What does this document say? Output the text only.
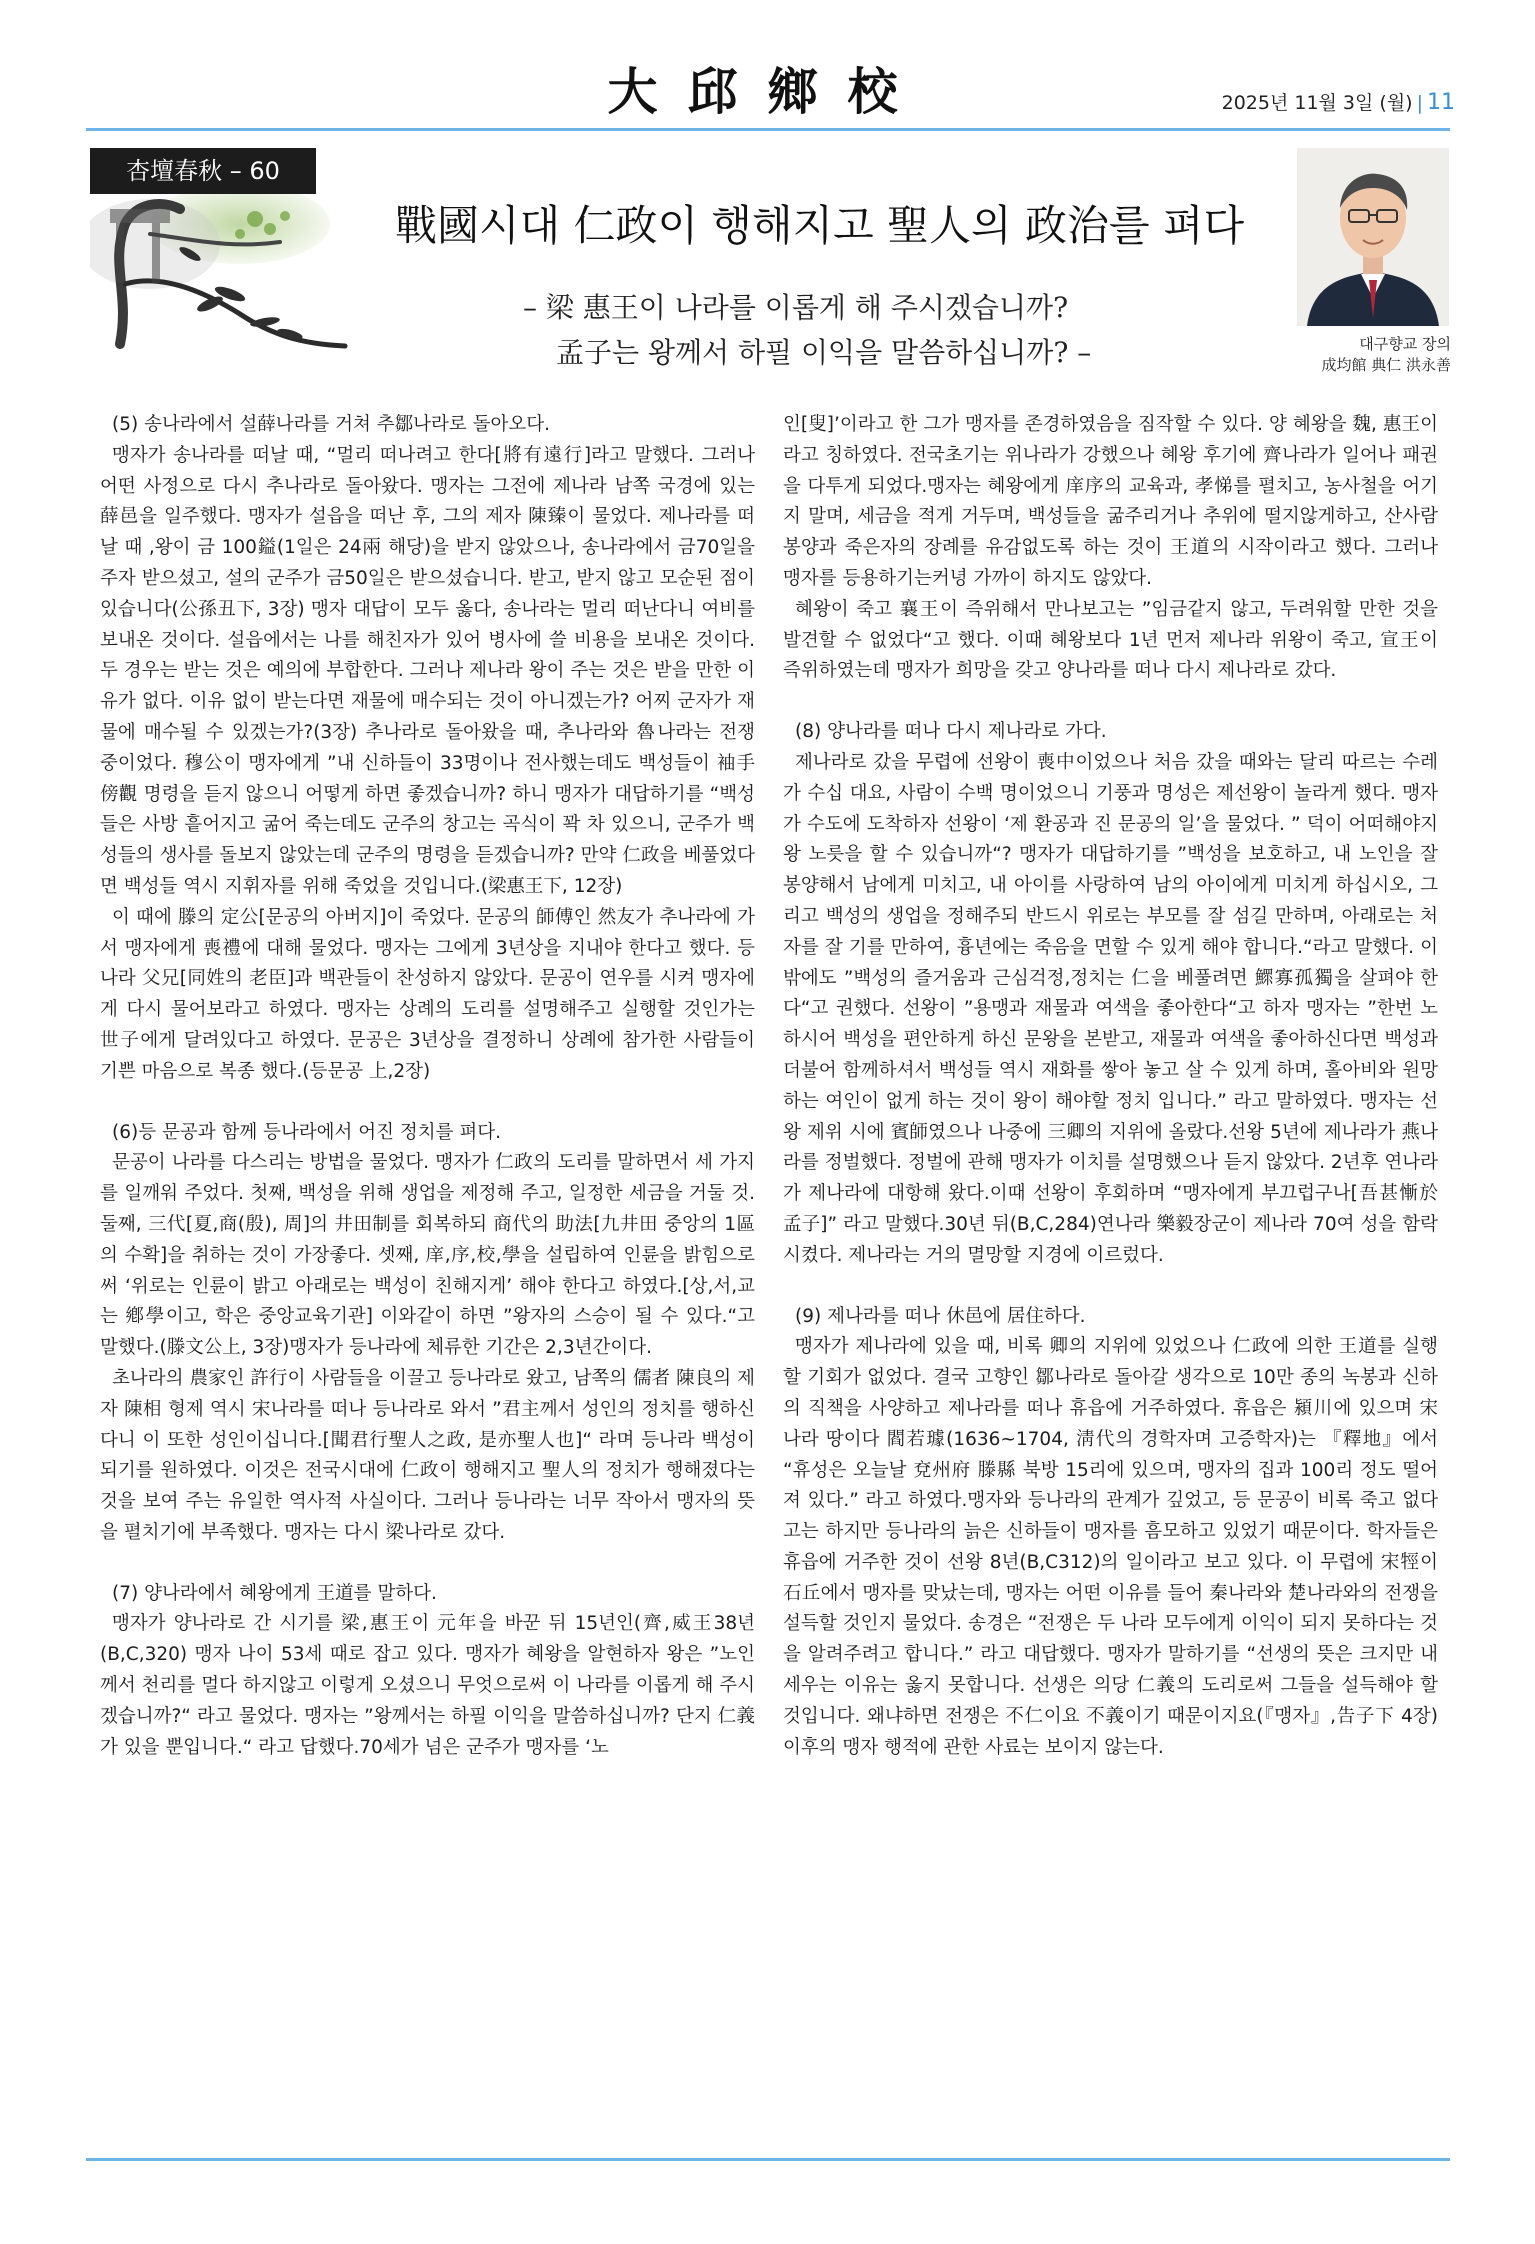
大邱鄉校	2025년 11월 3일 (월) | 11
杏壇春秋 – 60
戰國시대 仁政이 행해지고 聖人의 政治를 펴다
– 梁 惠王이 나라를 이롭게 해 주시겠습니까?
孟子는 왕께서 하필 이익을 말씀하십니까? –	대구향교 장의
成均館 典仁 洪永善

(5) 송나라에서 설薛나라를 거쳐 추鄒나라로 돌아오다.

맹자가 송나라를 떠날 때, “멀리 떠나려고 한다[將有遠行]라고 말했다. 그러나 어떤 사정으로 다시 추나라로 돌아왔다. 맹자는 그전에 제나라 남쪽 국경에 있는 薛邑을 일주했다. 맹자가 설읍을 떠난 후, 그의 제자 陳臻이 물었다. 제나라를 떠날 때 ,왕이 금 100鎰(1일은 24兩 해당)을 받지 않았으나, 송나라에서 금70일을 주자 받으셨고, 설의 군주가 금50일은 받으셨습니다. 받고, 받지 않고 모순된 점이 있습니다(公孫丑下, 3장) 맹자 대답이 모두 옳다, 송나라는 멀리 떠난다니 여비를 보내온 것이다. 설읍에서는 나를 해친자가 있어 병사에 쓸 비용을 보내온 것이다. 두 경우는 받는 것은 예의에 부합한다. 그러나 제나라 왕이 주는 것은 받을 만한 이유가 없다. 이유 없이 받는다면 재물에 매수되는 것이 아니겠는가? 어찌 군자가 재물에 매수될 수 있겠는가?(3장) 추나라로 돌아왔을 때, 추나라와 魯나라는 전쟁 중이었다. 穆公이 맹자에게 ”내 신하들이 33명이나 전사했는데도 백성들이 袖手傍觀 명령을 듣지 않으니 어떻게 하면 좋겠습니까? 하니 맹자가 대답하기를 “백성들은 사방 흩어지고 굶어 죽는데도 군주의 창고는 곡식이 꽉 차 있으니, 군주가 백성들의 생사를 돌보지 않았는데 군주의 명령을 듣겠습니까? 만약 仁政을 베풀었다면 백성들 역시 지휘자를 위해 죽었을 것입니다.(梁惠王下, 12장)

이 때에 滕의 定公[문공의 아버지]이 죽었다. 문공의 師傅인 然友가 추나라에 가서 맹자에게 喪禮에 대해 물었다. 맹자는 그에게 3년상을 지내야 한다고 했다. 등나라 父兄[同姓의 老臣]과 백관들이 찬성하지 않았다. 문공이 연우를 시켜 맹자에게 다시 물어보라고 하였다. 맹자는 상례의 도리를 설명해주고 실행할 것인가는 世子에게 달려있다고 하였다. 문공은 3년상을 결정하니 상례에 참가한 사람들이 기쁜 마음으로 복종 했다.(등문공 上,2장)

(6)등 문공과 함께 등나라에서 어진 정치를 펴다.

문공이 나라를 다스리는 방법을 물었다. 맹자가 仁政의 도리를 말하면서 세 가지를 일깨워 주었다. 첫째, 백성을 위해 생업을 제정해 주고, 일정한 세금을 거둘 것. 둘째, 三代[夏,商(殷), 周]의 井田制를 회복하되 商代의 助法[九井田 중앙의 1區의 수확]을 취하는 것이 가장좋다. 셋째, 庠,序,校,學을 설립하여 인륜을 밝힘으로써 ‘위로는 인륜이 밝고 아래로는 백성이 친해지게’ 해야 한다고 하였다.[상,서,교는 鄕學이고, 학은 중앙교육기관] 이와같이 하면 ”왕자의 스승이 될 수 있다.“고 말했다.(滕文公上, 3장)맹자가 등나라에 체류한 기간은 2,3년간이다.

초나라의 農家인 許行이 사람들을 이끌고 등나라로 왔고, 남쪽의 儒者 陳良의 제자 陳相 형제 역시 宋나라를 떠나 등나라로 와서 ”君主께서 성인의 정치를 행하신다니 이 또한 성인이십니다.[聞君行聖人之政, 是亦聖人也]“ 라며 등나라 백성이 되기를 원하였다. 이것은 전국시대에 仁政이 행해지고 聖人의 정치가 행해졌다는 것을 보여 주는 유일한 역사적 사실이다. 그러나 등나라는 너무 작아서 맹자의 뜻을 펼치기에 부족했다. 맹자는 다시 梁나라로 갔다.

(7) 양나라에서 혜왕에게 王道를 말하다.

맹자가 양나라로 간 시기를 梁,惠王이 元年을 바꾼 뒤 15년인(齊,威王38년(B,C,320) 맹자 나이 53세 때로 잡고 있다. 맹자가 혜왕을 알현하자 왕은 ”노인께서 천리를 멀다 하지않고 이렇게 오셨으니 무엇으로써 이 나라를 이롭게 해 주시겠습니까?“ 라고 물었다. 맹자는 ”왕께서는 하필 이익을 말씀하십니까? 단지 仁義가 있을 뿐입니다.“ 라고 답했다.70세가 넘은 군주가 맹자를 ‘노

인[叟]’이라고 한 그가 맹자를 존경하였음을 짐작할 수 있다. 양 혜왕을 魏, 惠王이라고 칭하였다. 전국초기는 위나라가 강했으나 혜왕 후기에 齊나라가 일어나 패권을 다투게 되었다.맹자는 혜왕에게 庠序의 교육과, 孝悌를 펼치고, 농사철을 어기지 말며, 세금을 적게 거두며, 백성들을 굶주리거나 추위에 떨지않게하고, 산사람 봉양과 죽은자의 장례를 유감없도록 하는 것이 王道의 시작이라고 했다. 그러나 맹자를 등용하기는커녕 가까이 하지도 않았다.

혜왕이 죽고 襄王이 즉위해서 만나보고는 ”임금같지 않고, 두려워할 만한 것을 발견할 수 없었다“고 했다. 이때 혜왕보다 1년 먼저 제나라 위왕이 죽고, 宣王이 즉위하였는데 맹자가 희망을 갖고 양나라를 떠나 다시 제나라로 갔다.

(8) 양나라를 떠나 다시 제나라로 가다.

제나라로 갔을 무렵에 선왕이 喪中이었으나 처음 갔을 때와는 달리 따르는 수레가 수십 대요, 사람이 수백 명이었으니 기풍과 명성은 제선왕이 놀라게 했다. 맹자가 수도에 도착하자 선왕이 ‘제 환공과 진 문공의 일’을 물었다. ” 덕이 어떠해야지 왕 노릇을 할 수 있습니까“? 맹자가 대답하기를 ”백성을 보호하고, 내 노인을 잘 봉양해서 남에게 미치고, 내 아이를 사랑하여 남의 아이에게 미치게 하십시오, 그리고 백성의 생업을 정해주되 반드시 위로는 부모를 잘 섬길 만하며, 아래로는 처자를 잘 기를 만하여, 흉년에는 죽음을 면할 수 있게 해야 합니다.“라고 말했다. 이 밖에도 ”백성의 즐거움과 근심걱정,정치는 仁을 베풀려면 鰥寡孤獨을 살펴야 한다“고 권했다. 선왕이 ”용맹과 재물과 여색을 좋아한다“고 하자 맹자는 ”한번 노하시어 백성을 편안하게 하신 문왕을 본받고, 재물과 여색을 좋아하신다면 백성과 더불어 함께하셔서 백성들 역시 재화를 쌓아 놓고 살 수 있게 하며, 홀아비와 원망하는 여인이 없게 하는 것이 왕이 해야할 정치 입니다.” 라고 말하였다. 맹자는 선왕 제위 시에 賓師였으나 나중에 三卿의 지위에 올랐다.선왕 5년에 제나라가 燕나라를 정벌했다. 정벌에 관해 맹자가 이치를 설명했으나 듣지 않았다. 2년후 연나라가 제나라에 대항해 왔다.이때 선왕이 후회하며 “맹자에게 부끄럽구나[吾甚慚於孟子]” 라고 말했다.30년 뒤(B,C,284)연나라 樂毅장군이 제나라 70여 성을 함락시켰다. 제나라는 거의 멸망할 지경에 이르렀다.

(9) 제나라를 떠나 休邑에 居住하다.

맹자가 제나라에 있을 때, 비록 卿의 지위에 있었으나 仁政에 의한 王道를 실행할 기회가 없었다. 결국 고향인 鄒나라로 돌아갈 생각으로 10만 종의 녹봉과 신하의 직책을 사양하고 제나라를 떠나 휴읍에 거주하였다. 휴읍은 潁川에 있으며 宋나라 땅이다 閻若璩(1636~1704, 淸代의 경학자며 고증학자)는 『釋地』에서 “휴성은 오늘날 兗州府 滕縣 북방 15리에 있으며, 맹자의 집과 100리 정도 떨어져 있다.” 라고 하였다.맹자와 등나라의 관계가 깊었고, 등 문공이 비록 죽고 없다고는 하지만 등나라의 늙은 신하들이 맹자를 흠모하고 있었기 때문이다. 학자들은 휴읍에 거주한 것이 선왕 8년(B,C312)의 일이라고 보고 있다. 이 무렵에 宋牼이 石丘에서 맹자를 맞났는데, 맹자는 어떤 이유를 들어 秦나라와 楚나라와의 전쟁을 설득할 것인지 물었다. 송경은 “전쟁은 두 나라 모두에게 이익이 되지 못하다는 것을 알려주려고 합니다.” 라고 대답했다. 맹자가 말하기를 “선생의 뜻은 크지만 내세우는 이유는 옳지 못합니다. 선생은 의당 仁義의 도리로써 그들을 설득해야 할 것입니다. 왜냐하면 전쟁은 不仁이요 不義이기 때문이지요(『맹자』,告子下 4장) 이후의 맹자 행적에 관한 사료는 보이지 않는다.
